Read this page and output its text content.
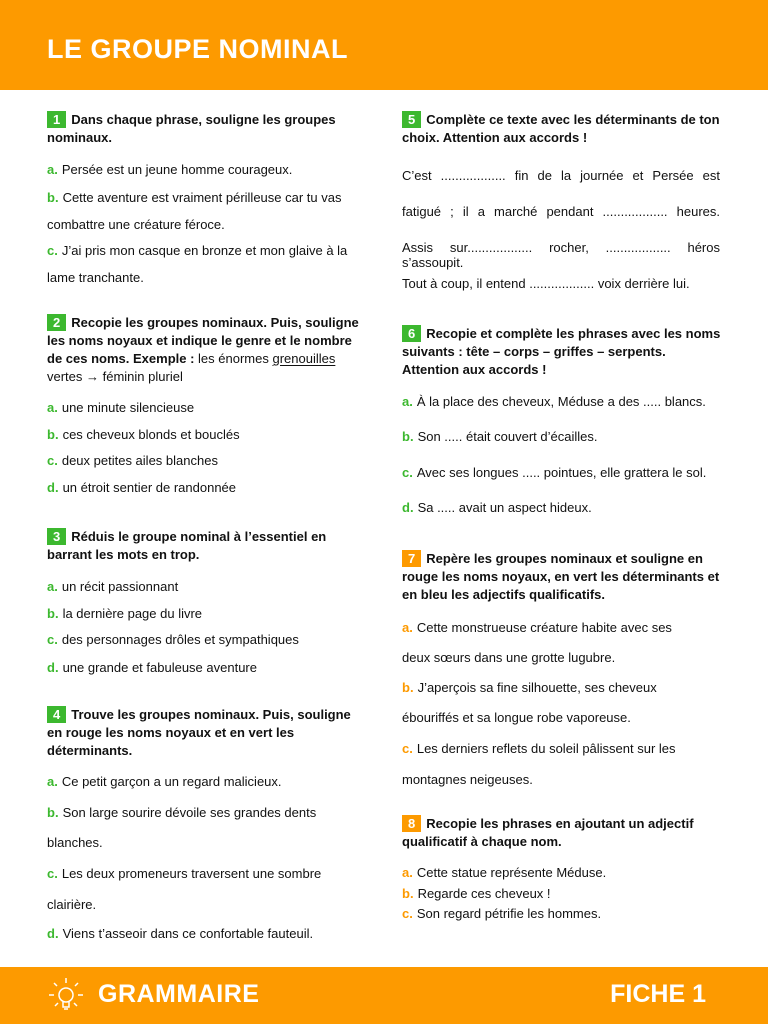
LE GROUPE NOMINAL
1 Dans chaque phrase, souligne les groupes nominaux.
a. Persée est un jeune homme courageux.
b. Cette aventure est vraiment périlleuse car tu vas combattre une créature féroce.
c. J’ai pris mon casque en bronze et mon glaive à la lame tranchante.
2 Recopie les groupes nominaux. Puis, souligne les noms noyaux et indique le genre et le nombre de ces noms. Exemple : les énormes grenouilles vertes → féminin pluriel
a. une minute silencieuse
b. ces cheveux blonds et bouclés
c. deux petites ailes blanches
d. un étroit sentier de randonnée
3 Réduis le groupe nominal à l’essentiel en barrant les mots en trop.
a. un récit passionnant
b. la dernière page du livre
c. des personnages drôles et sympathiques
d. une grande et fabuleuse aventure
4 Trouve les groupes nominaux. Puis, souligne en rouge les noms noyaux et en vert les déterminants.
a. Ce petit garçon a un regard malicieux.
b. Son large sourire dévoile ses grandes dents blanches.
c. Les deux promeneurs traversent une sombre clairière.
d. Viens t’asseoir dans ce confortable fauteuil.
5 Complète ce texte avec les déterminants de ton choix. Attention aux accords !
C’est .................. fin de la journée et Persée est
fatigué ; il a marché pendant .................. heures.
Assis sur.................. rocher, .................. héros s’assoupit.
Tout à coup, il entend .................. voix derrière lui.
6 Recopie et complète les phrases avec les noms suivants : tête – corps – griffes – serpents. Attention aux accords !
a. À la place des cheveux, Méduse a des ..... blancs.
b. Son ..... était couvert d’écailles.
c. Avec ses longues ..... pointues, elle grattera le sol.
d. Sa ..... avait un aspect hideux.
7 Repère les groupes nominaux et souligne en rouge les noms noyaux, en vert les déterminants et en bleu les adjectifs qualificatifs.
a. Cette monstrueuse créature habite avec ses deux sœurs dans une grotte lugubre.
b. J’aperçois sa fine silhouette, ses cheveux ébouriffés et sa longue robe vaporeuse.
c. Les derniers reflets du soleil pâlissent sur les montagnes neigeuses.
8 Recopie les phrases en ajoutant un adjectif qualificatif à chaque nom.
a. Cette statue représente Méduse.
b. Regarde ces cheveux !
c. Son regard pétrifie les hommes.
GRAMMAIRE	FICHE 1
